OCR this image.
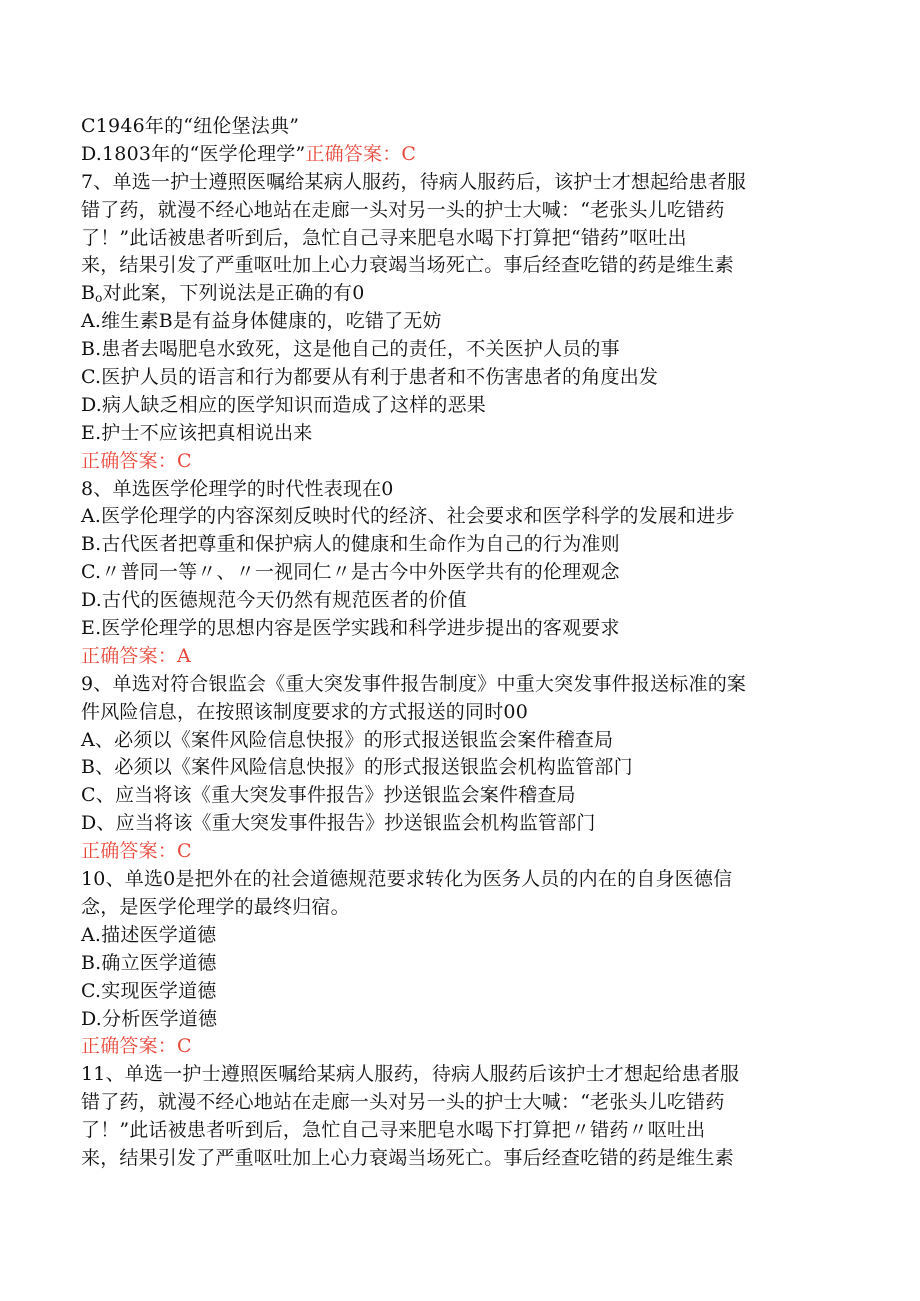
C1946年的“纽伦堡法典”
D.1803年的“医学伦理学”正确答案：C
7、单选一护士遵照医嘱给某病人服药，待病人服药后，该护士才想起给患者服
错了药，就漫不经心地站在走廊一头对另一头的护士大喊：“老张头儿吃错药
了！”此话被患者听到后，急忙自己寻来肥皂水喝下打算把“错药”呕吐出
来，结果引发了严重呕吐加上心力衰竭当场死亡。事后经查吃错的药是维生素
$B_o$对此案，下列说法是正确的有0
A.维生素B是有益身体健康的，吃错了无妨
B.患者去喝肥皂水致死，这是他自己的责任，不关医护人员的事
C.医护人员的语言和行为都要从有利于患者和不伤害患者的角度出发
D.病人缺乏相应的医学知识而造成了这样的恶果
E.护士不应该把真相说出来
正确答案：C
8、单选医学伦理学的时代性表现在0
A.医学伦理学的内容深刻反映时代的经济、社会要求和医学科学的发展和进步
B.古代医者把尊重和保护病人的健康和生命作为自己的行为准则
C.〃普同一等〃、〃一视同仁〃是古今中外医学共有的伦理观念
D.古代的医德规范今天仍然有规范医者的价值
E.医学伦理学的思想内容是医学实践和科学进步提出的客观要求
正确答案：A
9、单选对符合银监会《重大突发事件报告制度》中重大突发事件报送标准的案
件风险信息，在按照该制度要求的方式报送的同时00
A、必须以《案件风险信息快报》的形式报送银监会案件稽查局
B、必须以《案件风险信息快报》的形式报送银监会机构监管部门
C、应当将该《重大突发事件报告》抄送银监会案件稽查局
D、应当将该《重大突发事件报告》抄送银监会机构监管部门
正确答案：C
10、单选0是把外在的社会道德规范要求转化为医务人员的内在的自身医德信
念，是医学伦理学的最终归宿。
A.描述医学道德
B.确立医学道德
C.实现医学道德
D.分析医学道德
正确答案：C
11、单选一护士遵照医嘱给某病人服药，待病人服药后该护士才想起给患者服
错了药，就漫不经心地站在走廊一头对另一头的护士大喊：“老张头儿吃错药
了！”此话被患者听到后，急忙自己寻来肥皂水喝下打算把〃错药〃呕吐出
来，结果引发了严重呕吐加上心力衰竭当场死亡。事后经查吃错的药是维生素
